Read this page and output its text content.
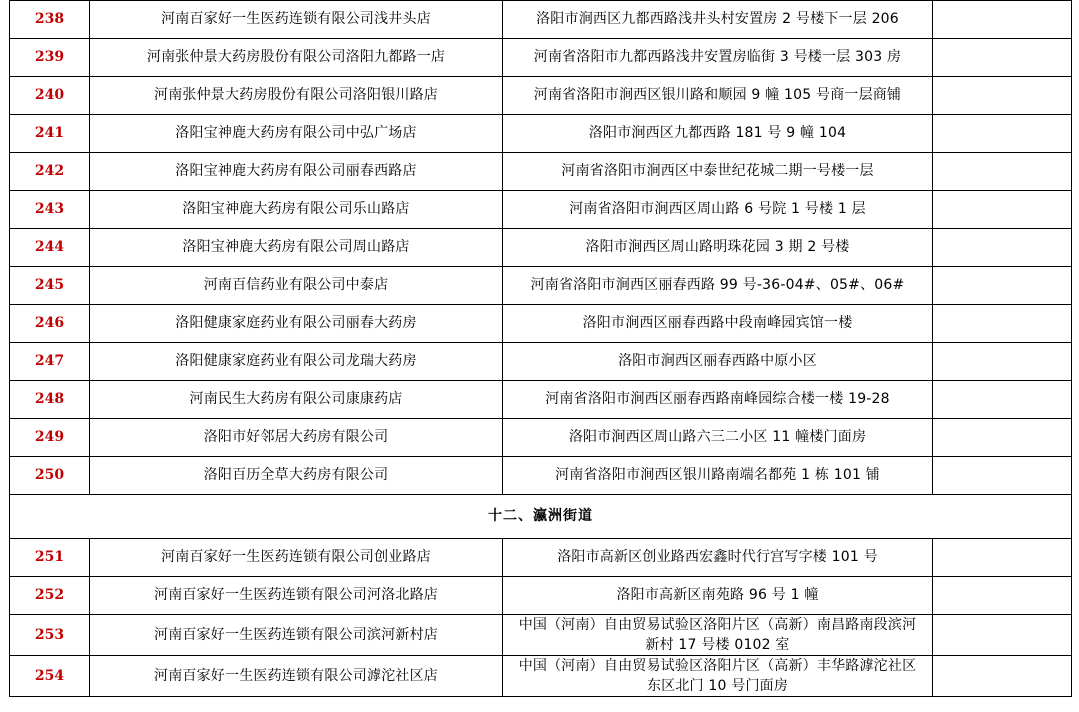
238	河南百家好一生医药连锁有限公司浅井头店	洛阳市涧西区九都西路浅井头村安置房 2 号楼下一层 206	
239	河南张仲景大药房股份有限公司洛阳九都路一店	河南省洛阳市九都西路浅井安置房临街 3 号楼一层 303 房	
240	河南张仲景大药房股份有限公司洛阳银川路店	河南省洛阳市涧西区银川路和顺园 9 幢 105 号商一层商铺	
241	洛阳宝神鹿大药房有限公司中弘广场店	洛阳市涧西区九都西路 181 号 9 幢 104	
242	洛阳宝神鹿大药房有限公司丽春西路店	河南省洛阳市涧西区中泰世纪花城二期一号楼一层	
243	洛阳宝神鹿大药房有限公司乐山路店	河南省洛阳市涧西区周山路 6 号院 1 号楼 1 层	
244	洛阳宝神鹿大药房有限公司周山路店	洛阳市涧西区周山路明珠花园 3 期 2 号楼	
245	河南百信药业有限公司中泰店	河南省洛阳市涧西区丽春西路 99 号-36-04#、05#、06#	
246	洛阳健康家庭药业有限公司丽春大药房	洛阳市涧西区丽春西路中段南峰园宾馆一楼	
247	洛阳健康家庭药业有限公司龙瑞大药房	洛阳市涧西区丽春西路中原小区	
248	河南民生大药房有限公司康康药店	河南省洛阳市涧西区丽春西路南峰园综合楼一楼 19-28	
249	洛阳市好邻居大药房有限公司	洛阳市涧西区周山路六三二小区 11 幢楼门面房	
250	洛阳百历全草大药房有限公司	河南省洛阳市涧西区银川路南端名都苑 1 栋 101 铺	
十二、瀛洲街道			
251	河南百家好一生医药连锁有限公司创业路店	洛阳市高新区创业路西宏鑫时代行宫写字楼 101 号	
252	河南百家好一生医药连锁有限公司河洛北路店	洛阳市高新区南苑路 96 号 1 幢	
253	河南百家好一生医药连锁有限公司滨河新村店	中国（河南）自由贸易试验区洛阳片区（高新）南昌路南段滨河新村 17 号楼 0102 室	
254	河南百家好一生医药连锁有限公司滹沱社区店	中国（河南）自由贸易试验区洛阳片区（高新）丰华路滹沱社区东区北门 10 号门面房	
